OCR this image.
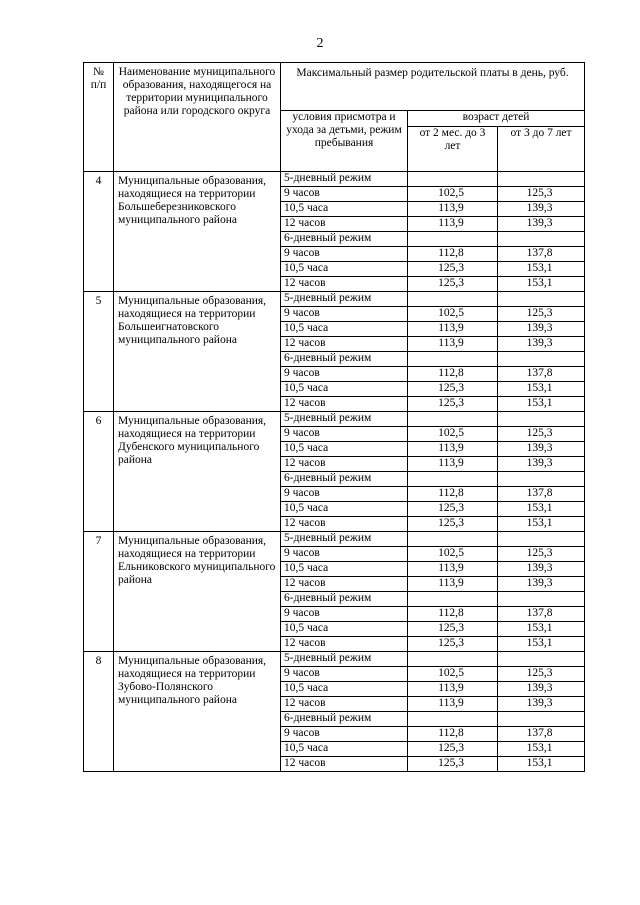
2
№ п/п	Наименование муниципального образования, находящегося на территории муниципального района или городского округа	Максимальный размер родительской платы в день, руб.		
		условия присмотра и ухода за детьми, режим пребывания	возраст детей	
			от 2 мес. до 3 лет	от 3 до 7 лет
4	Муниципальные образования, находящиеся на территории Большеберезниковского муниципального района	5-дневный режим		
		9 часов	102,5	125,3
		10,5 часа	113,9	139,3
		12 часов	113,9	139,3
		6-дневный режим		
		9 часов	112,8	137,8
		10,5 часа	125,3	153,1
		12 часов	125,3	153,1
5	Муниципальные образования, находящиеся на территории Большеигнатовского муниципального района	5-дневный режим		
		9 часов	102,5	125,3
		10,5 часа	113,9	139,3
		12 часов	113,9	139,3
		6-дневный режим		
		9 часов	112,8	137,8
		10,5 часа	125,3	153,1
		12 часов	125,3	153,1
6	Муниципальные образования, находящиеся на территории Дубенского муниципального района	5-дневный режим		
		9 часов	102,5	125,3
		10,5 часа	113,9	139,3
		12 часов	113,9	139,3
		6-дневный режим		
		9 часов	112,8	137,8
		10,5 часа	125,3	153,1
		12 часов	125,3	153,1
7	Муниципальные образования, находящиеся на территории Ельниковского муниципального района	5-дневный режим		
		9 часов	102,5	125,3
		10,5 часа	113,9	139,3
		12 часов	113,9	139,3
		6-дневный режим		
		9 часов	112,8	137,8
		10,5 часа	125,3	153,1
		12 часов	125,3	153,1
8	Муниципальные образования, находящиеся на территории Зубово-Полянского муниципального района	5-дневный режим		
		9 часов	102,5	125,3
		10,5 часа	113,9	139,3
		12 часов	113,9	139,3
		6-дневный режим		
		9 часов	112,8	137,8
		10,5 часа	125,3	153,1
		12 часов	125,3	153,1
